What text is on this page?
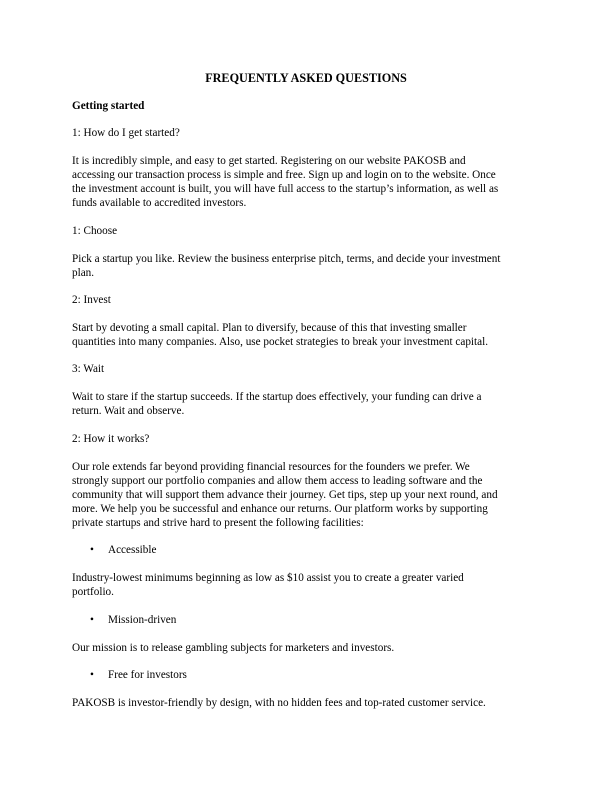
FREQUENTLY ASKED QUESTIONS
Getting started
1: How do I get started?
It is incredibly simple, and easy to get started. Registering on our website PAKOSB and
accessing our transaction process is simple and free. Sign up and login on to the website. Once
the investment account is built, you will have full access to the startup’s information, as well as
funds available to accredited investors.
1: Choose
Pick a startup you like. Review the business enterprise pitch, terms, and decide your investment
plan.
2: Invest
Start by devoting a small capital. Plan to diversify, because of this that investing smaller
quantities into many companies. Also, use pocket strategies to break your investment capital.
3: Wait
Wait to stare if the startup succeeds. If the startup does effectively, your funding can drive a
return. Wait and observe.
2: How it works?
Our role extends far beyond providing financial resources for the founders we prefer. We
strongly support our portfolio companies and allow them access to leading software and the
community that will support them advance their journey. Get tips, step up your next round, and
more. We help you be successful and enhance our returns. Our platform works by supporting
private startups and strive hard to present the following facilities:
• Accessible
Industry-lowest minimums beginning as low as $10 assist you to create a greater varied
portfolio.
• Mission-driven
Our mission is to release gambling subjects for marketers and investors.
• Free for investors
PAKOSB is investor-friendly by design, with no hidden fees and top-rated customer service.
